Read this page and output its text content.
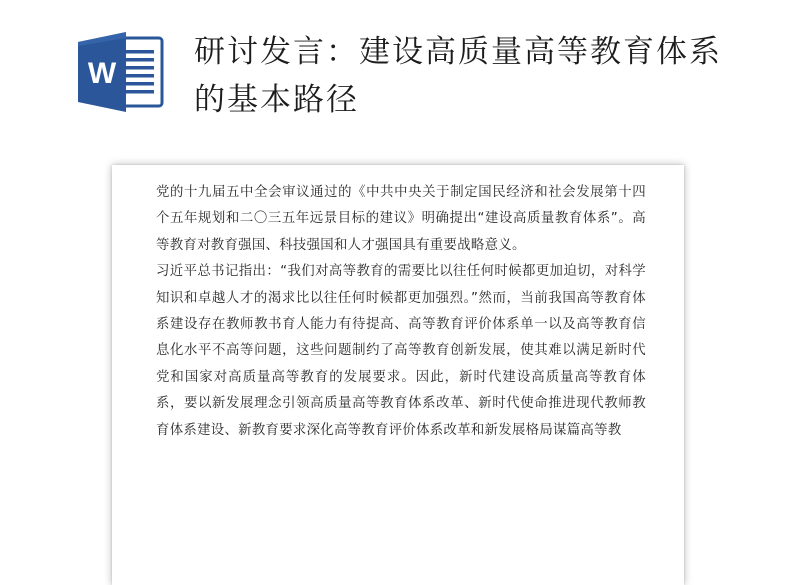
W
研讨发言：建设高质量高等教育体系的基本路径

党的十九届五中全会审议通过的《中共中央关于制定国民经济和社会发展第十四个五年规划和二〇三五年远景目标的建议》明确提出“建设高质量教育体系”。高等教育对教育强国、科技强国和人才强国具有重要战略意义。

习近平总书记指出：“我们对高等教育的需要比以往任何时候都更加迫切，对科学知识和卓越人才的渴求比以往任何时候都更加强烈。”然而，当前我国高等教育体系建设存在教师教书育人能力有待提高、高等教育评价体系单一以及高等教育信息化水平不高等问题，这些问题制约了高等教育创新发展，使其难以满足新时代党和国家对高质量高等教育的发展要求。因此，新时代建设高质量高等教育体系，要以新发展理念引领高质量高等教育体系改革、新时代使命推进现代教师教育体系建设、新教育要求深化高等教育评价体系改革和新发展格局谋篇高等教
